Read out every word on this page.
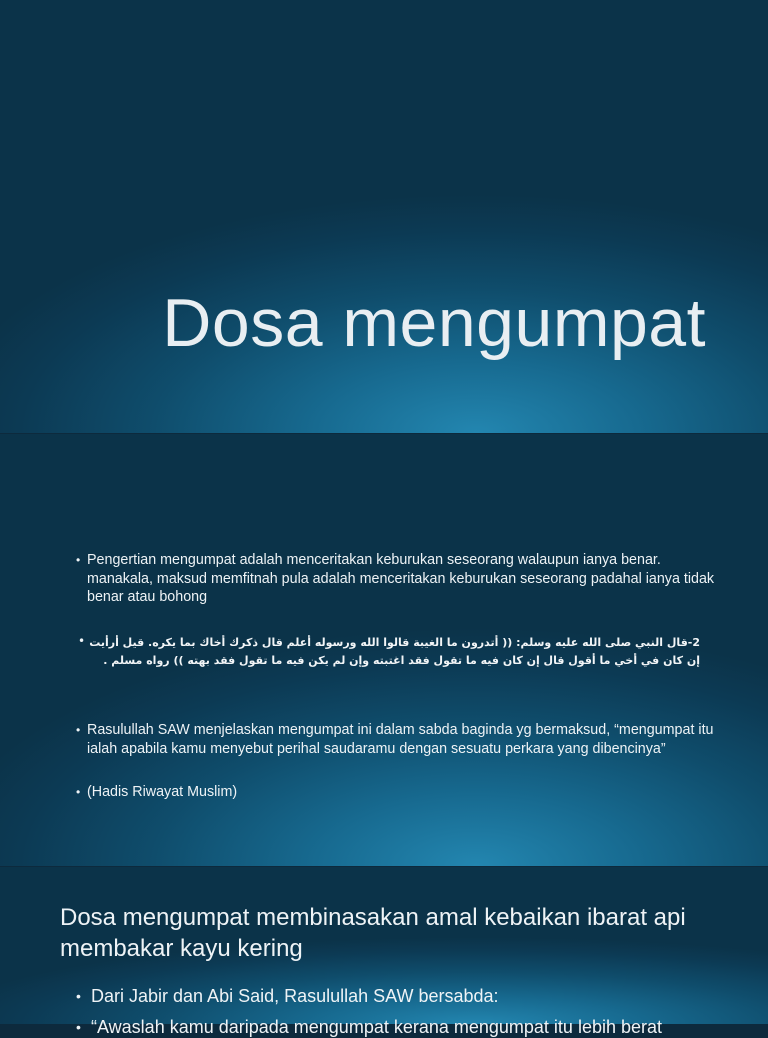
Dosa mengumpat
• Pengertian mengumpat adalah menceritakan keburukan seseorang walaupun ianya benar. manakala, maksud memfitnah pula adalah menceritakan keburukan seseorang padahal ianya tidak benar atau bohong
• 2-قال النبي صلى الله عليه وسلم: (( أتدرون ما الغيبة قالوا الله ورسوله أعلم قال ذكرك أخاك بما يكره. قيل أرأيت إن كان في أخي ما أقول قال إن كان فيه ما تقول فقد اغتبته وإن لم يكن فيه ما تقول فقد بهته )) رواه مسلم .
• Rasulullah SAW menjelaskan mengumpat ini dalam sabda baginda yg bermaksud, “mengumpat itu ialah apabila kamu menyebut perihal saudaramu dengan sesuatu perkara yang dibencinya”
• (Hadis Riwayat Muslim)
Dosa mengumpat membinasakan amal kebaikan ibarat api membakar kayu kering
• Dari Jabir dan Abi Said, Rasulullah SAW bersabda:
• “Awaslah kamu daripada mengumpat kerana mengumpat itu lebih berat
